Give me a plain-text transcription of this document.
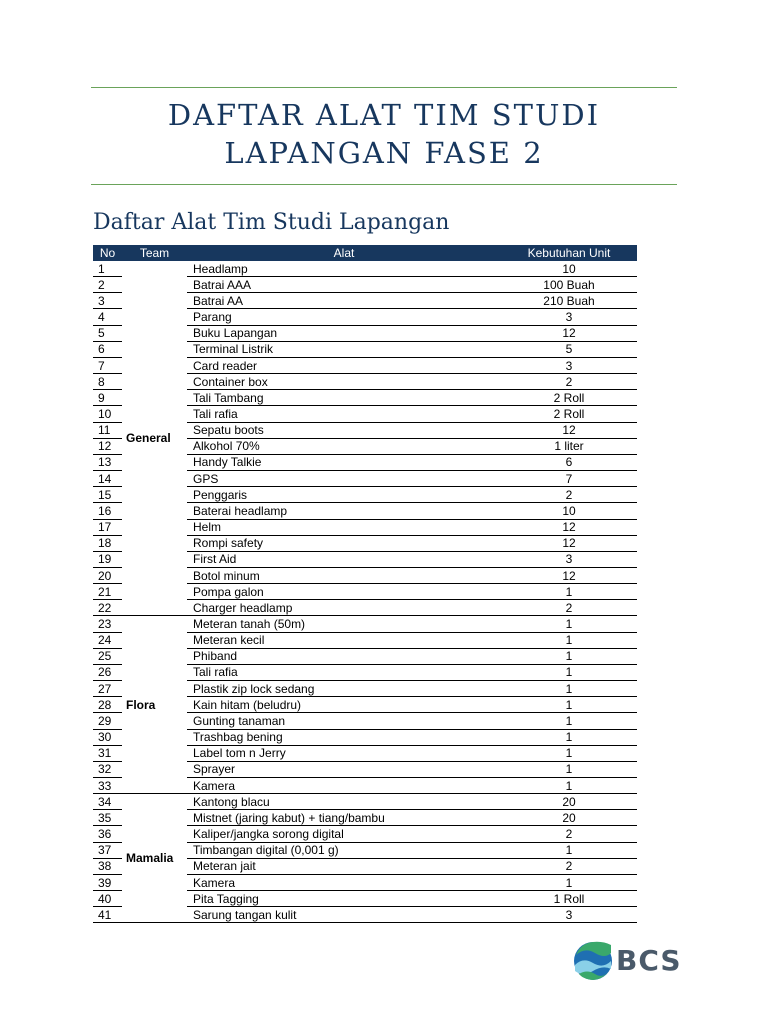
DAFTAR ALAT TIM STUDI
LAPANGAN FASE 2
Daftar Alat Tim Studi Lapangan
No	Team	Alat	Kebutuhan Unit
1	General	Headlamp	10
2		Batrai AAA	100 Buah
3		Batrai AA	210 Buah
4		Parang	3
5		Buku Lapangan	12
6		Terminal Listrik	5
7		Card reader	3
8		Container box	2
9		Tali Tambang	2 Roll
10		Tali rafia	2 Roll
11		Sepatu boots	12
12		Alkohol 70%	1 liter
13		Handy Talkie	6
14		GPS	7
15		Penggaris	2
16		Baterai headlamp	10
17		Helm	12
18		Rompi safety	12
19		First Aid	3
20		Botol minum	12
21		Pompa galon	1
22		Charger headlamp	2
23	Flora	Meteran tanah (50m)	1
24		Meteran kecil	1
25		Phiband	1
26		Tali rafia	1
27		Plastik zip lock sedang	1
28		Kain hitam (beludru)	1
29		Gunting tanaman	1
30		Trashbag bening	1
31		Label tom n Jerry	1
32		Sprayer	1
33		Kamera	1
34	Mamalia	Kantong blacu	20
35		Mistnet (jaring kabut) + tiang/bambu	20
36		Kaliper/jangka sorong digital	2
37		Timbangan digital (0,001 g)	1
38		Meteran jait	2
39		Kamera	1
40		Pita Tagging	1 Roll
41		Sarung tangan kulit	3
BCS
